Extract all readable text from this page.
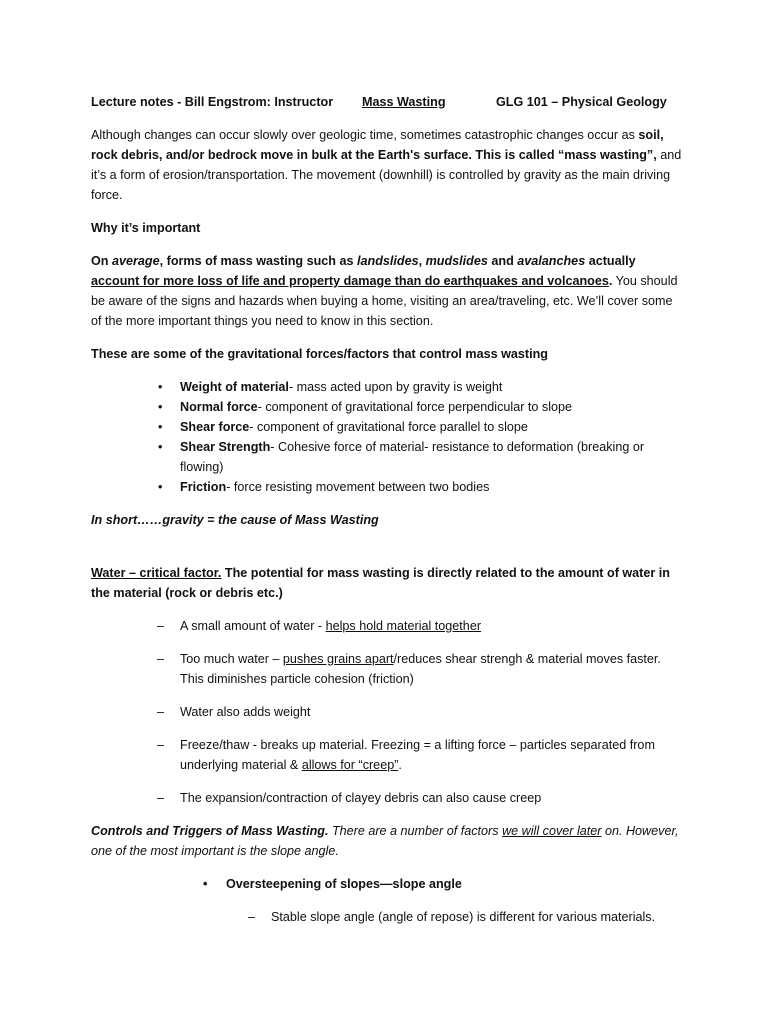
Lecture notes - Bill Engstrom: Instructor Mass Wasting	GLG 101 – Physical Geology

Although changes can occur slowly over geologic time, sometimes catastrophic changes occur as soil, rock debris, and/or bedrock move in bulk at the Earth's surface. This is called “mass wasting”, and it’s a form of erosion/transportation. The movement (downhill) is controlled by gravity as the main driving force.

Why it’s important

On average, forms of mass wasting such as landslides, mudslides and avalanches actually account for more loss of life and property damage than do earthquakes and volcanoes. You should be aware of the signs and hazards when buying a home, visiting an area/traveling, etc. We’ll cover some of the more important things you need to know in this section.

These are some of the gravitational forces/factors that control mass wasting

• Weight of material- mass acted upon by gravity is weight
• Normal force- component of gravitational force perpendicular to slope
• Shear force- component of gravitational force parallel to slope
• Shear Strength- Cohesive force of material- resistance to deformation (breaking or flowing)
• Friction- force resisting movement between two bodies

In short……gravity = the cause of Mass Wasting

Water – critical factor. The potential for mass wasting is directly related to the amount of water in the material (rock or debris etc.)

– A small amount of water - helps hold material together
– Too much water – pushes grains apart/reduces shear strengh & material moves faster. This diminishes particle cohesion (friction)
– Water also adds weight
– Freeze/thaw - breaks up material. Freezing = a lifting force – particles separated from underlying material & allows for “creep”.
– The expansion/contraction of clayey debris can also cause creep

Controls and Triggers of Mass Wasting. There are a number of factors we will cover later on. However, one of the most important is the slope angle.

• Oversteepening of slopes—slope angle

– Stable slope angle (angle of repose) is different for various materials.
